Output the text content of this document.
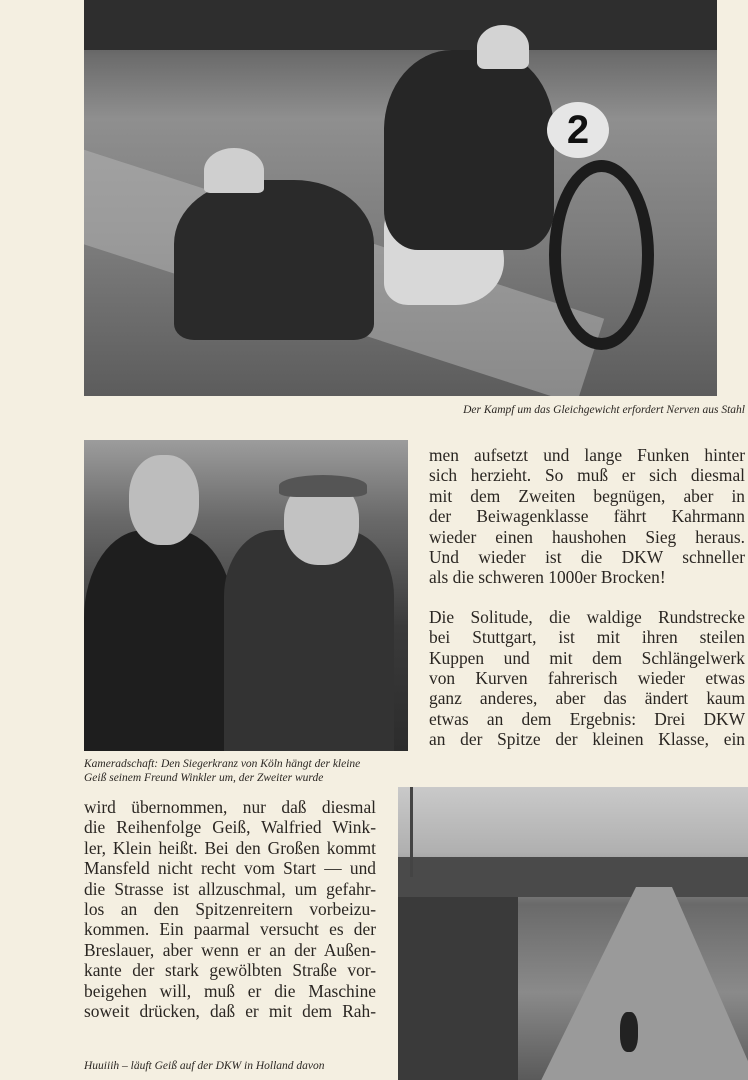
2
Der Kampf um das Gleichgewicht erfordert Nerven aus Stahl
Kameradschaft: Den Siegerkranz von Köln hängt der kleine
Geiß seinem Freund Winkler um, der Zweiter wurde
men aufsetzt und lange Funken hinter
sich herzieht. So muß er sich diesmal
mit dem Zweiten begnügen, aber in
der Beiwagenklasse fährt Kahrmann
wieder einen haushohen Sieg heraus.
Und wieder ist die DKW schneller
als die schweren 1000er Brocken!
Die Solitude, die waldige Rundstrecke
bei Stuttgart, ist mit ihren steilen
Kuppen und mit dem Schlängelwerk
von Kurven fahrerisch wieder etwas
ganz anderes, aber das ändert kaum
etwas an dem Ergebnis: Drei DKW
an der Spitze der kleinen Klasse, ein
wird übernommen, nur daß diesmal
die Reihenfolge Geiß, Walfried Wink-
ler, Klein heißt. Bei den Großen kommt
Mansfeld nicht recht vom Start — und
die Strasse ist allzuschmal, um gefahr-
los an den Spitzenreitern vorbeizu-
kommen. Ein paarmal versucht es der
Breslauer, aber wenn er an der Außen-
kante der stark gewölbten Straße vor-
beigehen will, muß er die Maschine
soweit drücken, daß er mit dem Rah-
Huuiiih – läuft Geiß auf der DKW in Holland davon
